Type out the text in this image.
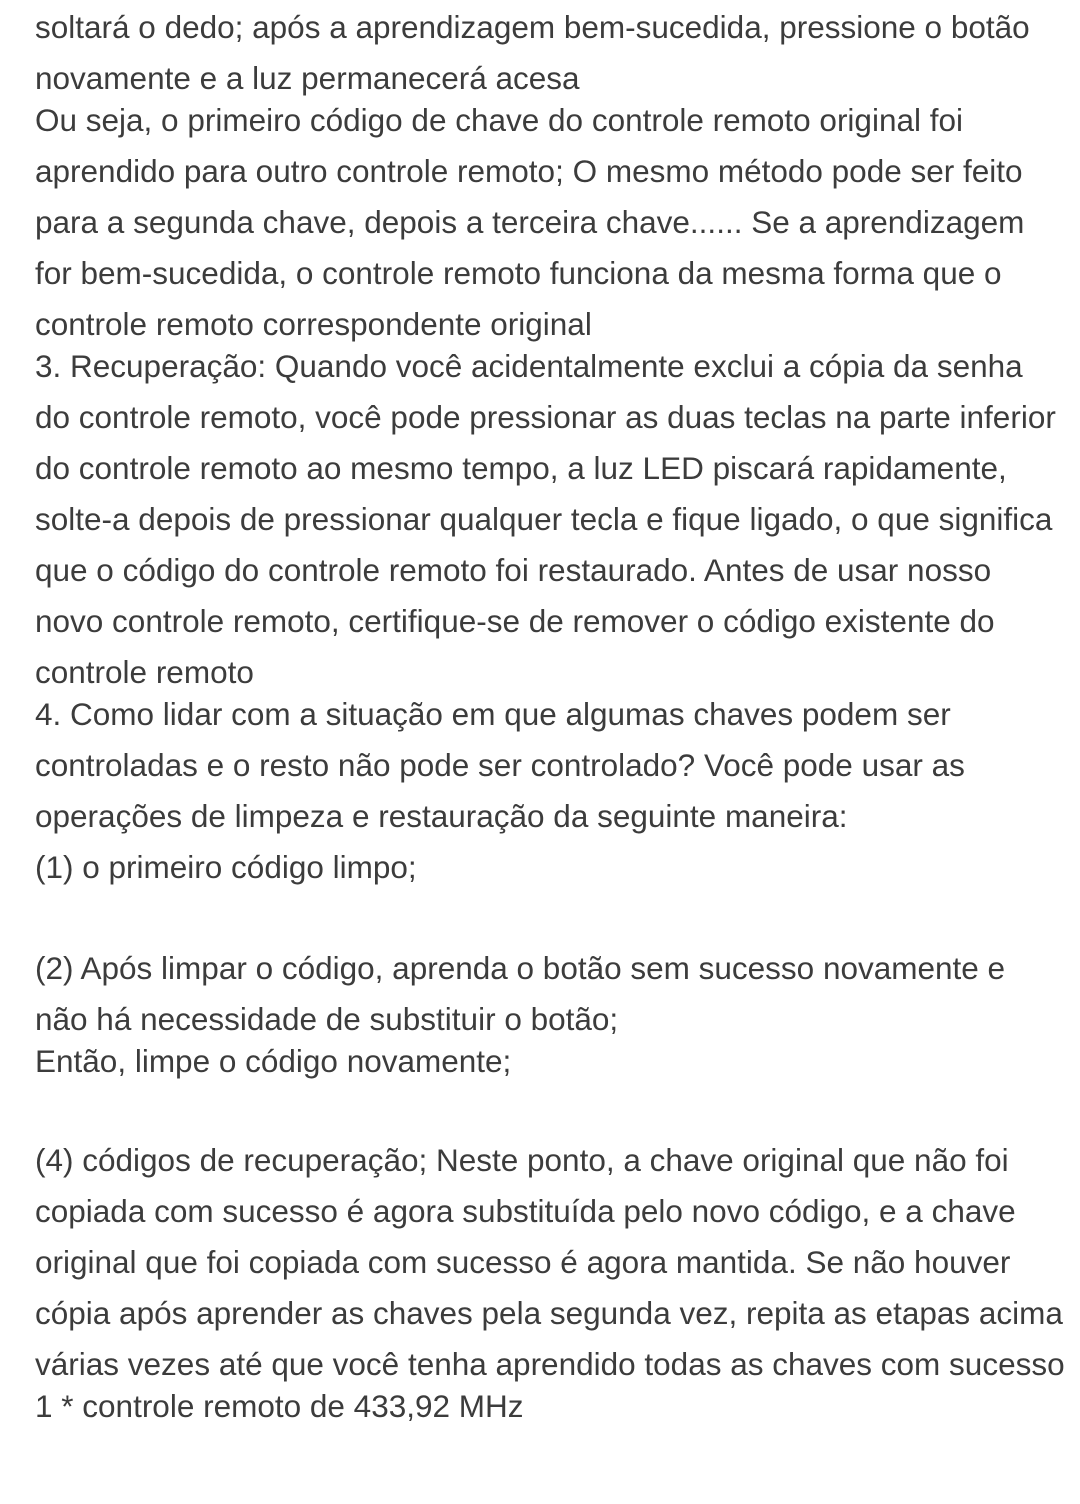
soltará o dedo; após a aprendizagem bem-sucedida, pressione o botão novamente e a luz permanecerá acesa

Ou seja, o primeiro código de chave do controle remoto original foi aprendido para outro controle remoto; O mesmo método pode ser feito para a segunda chave, depois a terceira chave...... Se a aprendizagem for bem-sucedida, o controle remoto funciona da mesma forma que o controle remoto correspondente original

3. Recuperação: Quando você acidentalmente exclui a cópia da senha do controle remoto, você pode pressionar as duas teclas na parte inferior do controle remoto ao mesmo tempo, a luz LED piscará rapidamente, solte-a depois de pressionar qualquer tecla e fique ligado, o que significa que o código do controle remoto foi restaurado. Antes de usar nosso novo controle remoto, certifique-se de remover o código existente do controle remoto

4. Como lidar com a situação em que algumas chaves podem ser controladas e o resto não pode ser controlado? Você pode usar as operações de limpeza e restauração da seguinte maneira:

(1) o primeiro código limpo;

(2) Após limpar o código, aprenda o botão sem sucesso novamente e não há necessidade de substituir o botão;

Então, limpe o código novamente;

(4) códigos de recuperação; Neste ponto, a chave original que não foi copiada com sucesso é agora substituída pelo novo código, e a chave original que foi copiada com sucesso é agora mantida. Se não houver cópia após aprender as chaves pela segunda vez, repita as etapas acima várias vezes até que você tenha aprendido todas as chaves com sucesso

1 * controle remoto de 433,92 MHz
